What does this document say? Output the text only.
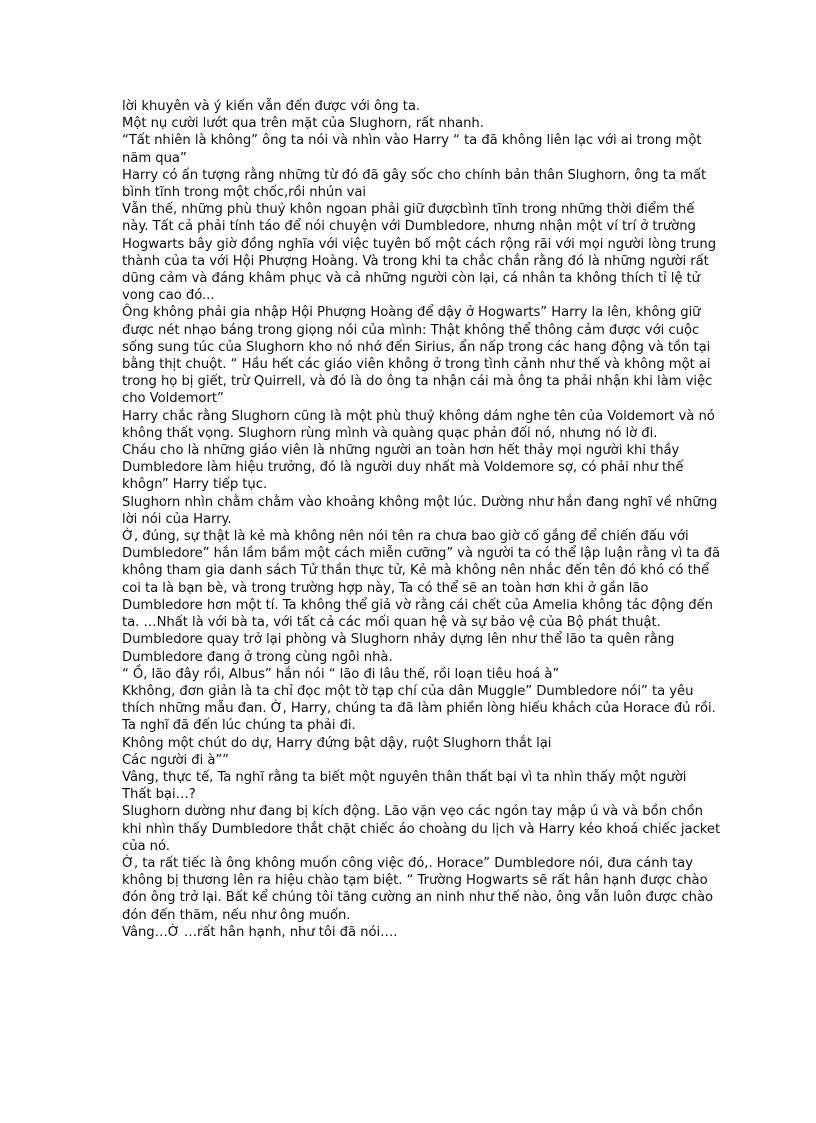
lời khuyên và ý kiến vẫn đến được với ông ta.

Một nụ cười lướt qua trên mặt của Slughorn, rất nhanh.

“Tất nhiên là không” ông ta nói và nhìn vào Harry “ ta đã không liên lạc với ai trong một năm qua”

Harry có ấn tượng rằng những từ đó đã gây sốc cho chính bản thân Slughorn, ông ta mất bình tĩnh trong một chốc,rồi nhún vai

Vẫn thế, những phù thuỷ khôn ngoan phải giữ đượcbình tĩnh trong những thời điểm thế này. Tất cả phải tính táo để nói chuyện với Dumbledore, nhưng nhận một ví trí ở trường Hogwarts bây giờ đồng nghĩa với việc tuyên bố một cách rộng rãi với mọi người lòng trung thành của ta với Hội Phượng Hoàng. Và trong khi ta chắc chắn rằng đó là những người rất dũng cảm và đáng khâm phục và cả những người còn lại, cá nhân ta không thích tỉ lệ tử vong cao đó...

Ông không phải gia nhập Hội Phượng Hoàng để dậy ở Hogwarts” Harry la lên, không giữ được nét nhạo báng trong giọng nói của mình: Thật không thể thông cảm được với cuộc sống sung túc của Slughorn kho nó nhớ đến Sirius, ẩn nấp trong các hang động và tồn tại bằng thịt chuột. “ Hầu hết các giáo viên không ở trong tình cảnh như thế và không một ai trong họ bị giết, trừ Quirrell, và đó là do ông ta nhận cái mà ông ta phải nhận khi làm việc cho Voldemort”

Harry chắc rằng Slughorn cũng là một phù thuỷ không dám nghe tên của Voldemort và nó không thất vọng. Slughorn rùng mình và quàng quạc phản đối nó, nhưng nó lờ đi.

Cháu cho là những giáo viên là những người an toàn hơn hết thảy mọi người khi thầy Dumbledore làm hiệu trưởng, đó là người duy nhất mà Voldemore sợ, có phải như thế khôgn” Harry tiếp tục.

Slughorn nhìn chằm chằm vào khoảng không một lúc. Dường như hắn đang nghĩ về những lời nói của Harry.

Ờ, đúng, sự thật là kẻ mà không nên nói tên ra chưa bao giờ cố gắng để chiến đấu với Dumbledore” hắn lầm bầm một cách miễn cưỡng” và người ta có thể lập luận rằng vì ta đã không tham gia danh sách Tử thần thực tử, Kẻ mà không nên nhắc đến tên đó khó có thể coi ta là bạn bè, và trong trường hợp này, Ta có thể sẽ an toàn hơn khi ở gần lão Dumbledore hơn một tí. Ta không thể giả vờ rằng cái chết của Amelia không tác động đến ta. …Nhất là với bà ta, với tất cả các mối quan hệ và sự bảo vệ của Bộ phát thuật.

Dumbledore quay trở lại phòng và Slughorn nhảy dựng lên như thể lão ta quên rằng Dumbledore đang ở trong cùng ngôi nhà.

“ Ồ, lão đây rồi, Albus” hắn nói “ lão đi lâu thế, rồi loạn tiêu hoá à”

Kkhông, đơn giản là ta chỉ đọc một tờ tạp chí của dân Muggle” Dumbledore nói” ta yêu thích những mẫu đan. Ờ, Harry, chúng ta đã làm phiền lòng hiếu khách của Horace đủ rồi. Ta nghĩ đã đến lúc chúng ta phải đi.

Không một chút do dự, Harry đứng bật dậy, ruột Slughorn thắt lại

Các người đi à””

Vâng, thực tế, Ta nghĩ rằng ta biết một nguyên thân thất bại vì ta nhìn thấy một người

Thất bại…?

Slughorn dường như đang bị kích động. Lão vặn vẹo các ngón tay mập ú và và bồn chồn khi nhìn thấy Dumbledore thắt chặt chiếc áo choàng du lịch và Harry kéo khoá chiếc jacket của nó.

Ờ, ta rất tiếc là ông không muốn công việc đó,. Horace” Dumbledore nói, đưa cánh tay không bị thương lên ra hiệu chào tạm biệt. “ Trường Hogwarts sẽ rất hân hạnh được chào đón ông trở lại. Bất kể chúng tôi tăng cường an ninh như thế nào, ông vẫn luôn được chào đón đến thăm, nếu như ông muốn.

Vâng…Ờ …rất hân hạnh, như tôi đã nói….
